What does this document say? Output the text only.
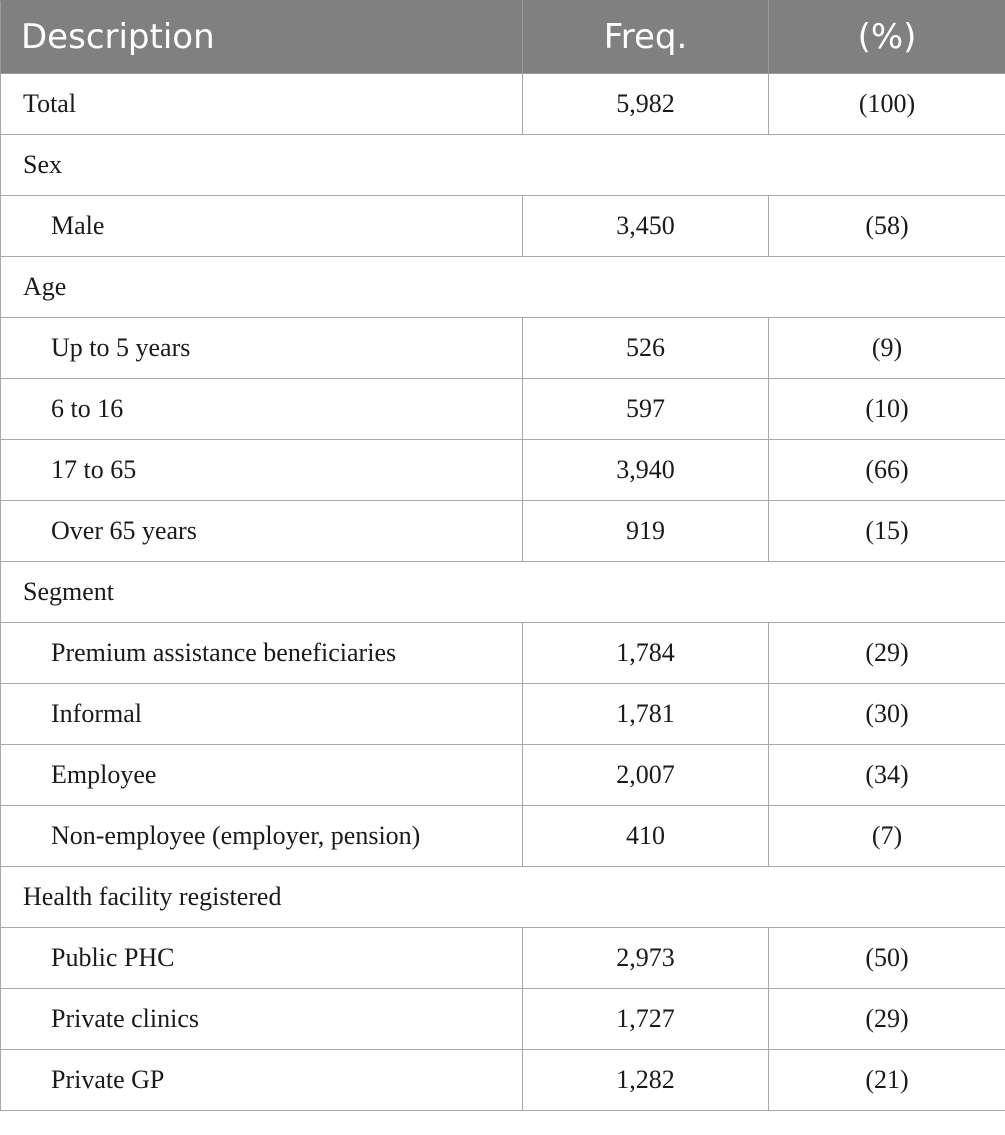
Description	Freq.	(%)
Total	5,982	(100)
Sex		
Male	3,450	(58)
Age		
Up to 5 years	526	(9)
6 to 16	597	(10)
17 to 65	3,940	(66)
Over 65 years	919	(15)
Segment		
Premium assistance beneficiaries	1,784	(29)
Informal	1,781	(30)
Employee	2,007	(34)
Non-employee (employer, pension)	410	(7)
Health facility registered		
Public PHC	2,973	(50)
Private clinics	1,727	(29)
Private GP	1,282	(21)
